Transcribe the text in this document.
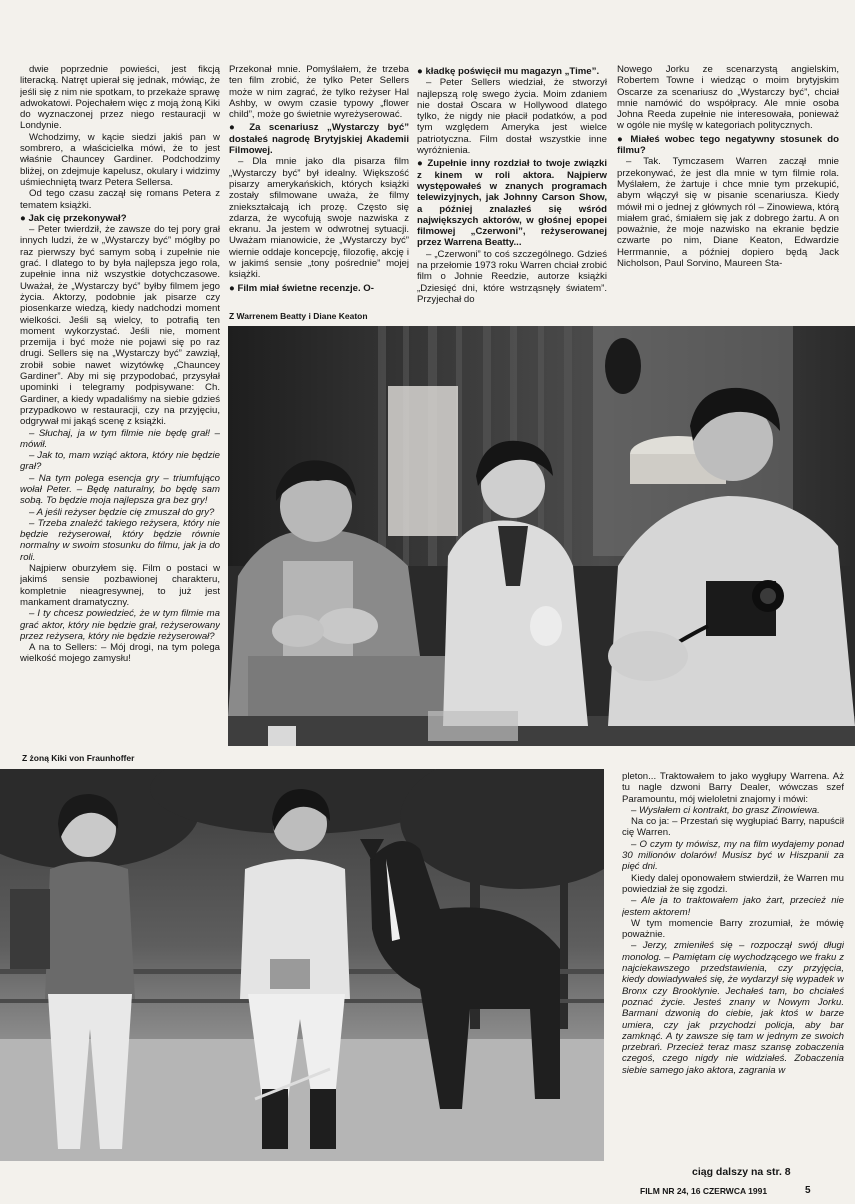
dwie poprzednie powieści, jest fikcją literacką. Natręt upierał się jednak, mówiąc, że jeśli się z nim nie spotkam, to przekaże sprawę adwokatowi. Pojechałem więc z moją żoną Kiki do wyznaczonej przez niego restauracji w Londynie.

Wchodzimy, w kącie siedzi jakiś pan w sombrero, a właścicielka mówi, że to jest właśnie Chauncey Gardiner. Podchodzimy bliżej, on zdejmuje kapelusz, okulary i widzimy uśmiechniętą twarz Petera Sellersa.

Od tego czasu zaczął się romans Petera z tematem książki.

● Jak cię przekonywał?

– Peter twierdził, że zawsze do tej pory grał innych ludzi, że w „Wystarczy być” mógłby po raz pierwszy być samym sobą i zupełnie nie grać. I dlatego to by była najlepsza jego rola, zupełnie inna niż wszystkie dotychczasowe. Uważał, że „Wystarczy być” byłby filmem jego życia. Aktorzy, podobnie jak pisarze czy piosenkarze wiedzą, kiedy nadchodzi moment wielkości. Jeśli są wielcy, to potrafią ten moment wykorzystać. Jeśli nie, moment przemija i być może nie pojawi się po raz drugi. Sellers się na „Wystarczy być” zawziął, zrobił sobie nawet wizytówkę „Chauncey Gardiner”. Aby mi się przypodobać, przysyłał upominki i telegramy podpisywane: Ch. Gardiner, a kiedy wpadaliśmy na siebie gdzieś przypadkowo w restauracji, czy na przyjęciu, odgrywał mi jakąś scenę z książki.

– Słuchaj, ja w tym filmie nie będę grał! – mówił.

– Jak to, mam wziąć aktora, który nie będzie grał?

– Na tym polega esencja gry – triumfująco wołał Peter. – Będę naturalny, bo będę sam sobą. To będzie moja najlepsza gra bez gry!

– A jeśli reżyser będzie cię zmuszał do gry?

– Trzeba znaleźć takiego reżysera, który nie będzie reżyserował, który będzie równie normalny w swoim stosunku do filmu, jak ja do roli.

Najpierw oburzyłem się. Film o postaci w jakimś sensie pozbawionej charakteru, kompletnie nieagresywnej, to już jest mankament dramatyczny.

– I ty chcesz powiedzieć, że w tym filmie ma grać aktor, który nie będzie grał, reżyserowany przez reżysera, który nie będzie reżyserował?

A na to Sellers: – Mój drogi, na tym polega wielkość mojego zamysłu!

Przekonał mnie. Pomyślałem, że trzeba ten film zrobić, że tylko Peter Sellers może w nim zagrać, że tylko reżyser Hal Ashby, w owym czasie typowy „flower child”, może go świetnie wyreżyserować.

● Za scenariusz „Wystarczy być” dostałeś nagrodę Brytyjskiej Akademii Filmowej.

– Dla mnie jako dla pisarza film „Wystarczy być” był idealny. Większość pisarzy amerykańskich, których książki zostały sfilmowane uważa, że filmy zniekształcają ich prozę. Często się zdarza, że wycofują swoje nazwiska z ekranu. Ja jestem w odwrotnej sytuacji. Uważam mianowicie, że „Wystarczy być” wiernie oddaje koncepcję, filozofię, akcję i w jakimś sensie „tony pośrednie” mojej książki.

● Film miał świetne recenzje. O-

● kładkę poświęcił mu magazyn „Time”.

– Peter Sellers wiedział, że stworzył najlepszą rolę swego życia. Moim zdaniem nie dostał Oscara w Hollywood dlatego tylko, że nigdy nie płacił podatków, a pod tym względem Ameryka jest wielce patriotyczna. Film dostał wszystkie inne wyróżnienia.

● Zupełnie inny rozdział to twoje związki z kinem w roli aktora. Najpierw występowałeś w znanych programach telewizyjnych, jak Johnny Carson Show, a później znalazłeś się wśród największych aktorów, w głośnej epopei filmowej „Czerwoni”, reżyserowanej przez Warrena Beatty...

– „Czerwoni” to coś szczególnego. Gdzieś na przełomie 1973 roku Warren chciał zrobić film o Johnie Reedzie, autorze książki „Dziesięć dni, które wstrząsnęły światem”. Przyjechał do

Nowego Jorku ze scenarzystą angielskim, Robertem Towne i wiedząc o moim brytyjskim Oscarze za scenariusz do „Wystarczy być”, chciał mnie namówić do współpracy. Ale mnie osoba Johna Reeda zupełnie nie interesowała, ponieważ w ogóle nie myślę w kategoriach politycznych.

● Miałeś wobec tego negatywny stosunek do filmu?

– Tak. Tymczasem Warren zaczął mnie przekonywać, że jest dla mnie w tym filmie rola. Myślałem, że żartuje i chce mnie tym przekupić, abym włączył się w pisanie scenariusza. Kiedy mówił mi o jednej z głównych ról – Zinowiewa, którą miałem grać, śmiałem się jak z dobrego żartu. A on poważnie, że moje nazwisko na ekranie będzie czwarte po nim, Diane Keaton, Edwardzie Herrmannie, a później dopiero będą Jack Nicholson, Paul Sorvino, Maureen Sta-

Z Warrenem Beatty i Diane Keaton
Z żoną Kiki von Fraunhoffer

pleton... Traktowałem to jako wygłupy Warrena. Aż tu nagle dzwoni Barry Dealer, wówczas szef Paramountu, mój wieloletni znajomy i mówi:

– Wysłałem ci kontrakt, bo grasz Zinowiewa.

Na co ja: – Przestań się wygłupiać Barry, napuścił cię Warren.

– O czym ty mówisz, my na film wydajemy ponad 30 milionów dolarów! Musisz być w Hiszpanii za pięć dni.

Kiedy dalej oponowałem stwierdził, że Warren mu powiedział że się zgodzi.

– Ale ja to traktowałem jako żart, przecież nie jestem aktorem!

W tym momencie Barry zrozumiał, że mówię poważnie.

– Jerzy, zmieniłeś się – rozpoczął swój długi monolog. – Pamiętam cię wychodzącego we fraku z najciekawszego przedstawienia, czy przyjęcia, kiedy dowiadywałeś się, że wydarzył się wypadek w Bronx czy Brooklynie. Jechałeś tam, bo chciałeś poznać życie. Jesteś znany w Nowym Jorku. Barmani dzwonią do ciebie, jak ktoś w barze umiera, czy jak przychodzi policja, aby bar zamknąć. A ty zawsze się tam w jednym ze swoich przebrań. Przecież teraz masz szansę zobaczenia czegoś, czego nigdy nie widziałeś. Zobaczenia siebie samego jako aktora, zagrania w

ciąg dalszy na str. 8
FILM NR 24, 16 CZERWCA 1991	5
